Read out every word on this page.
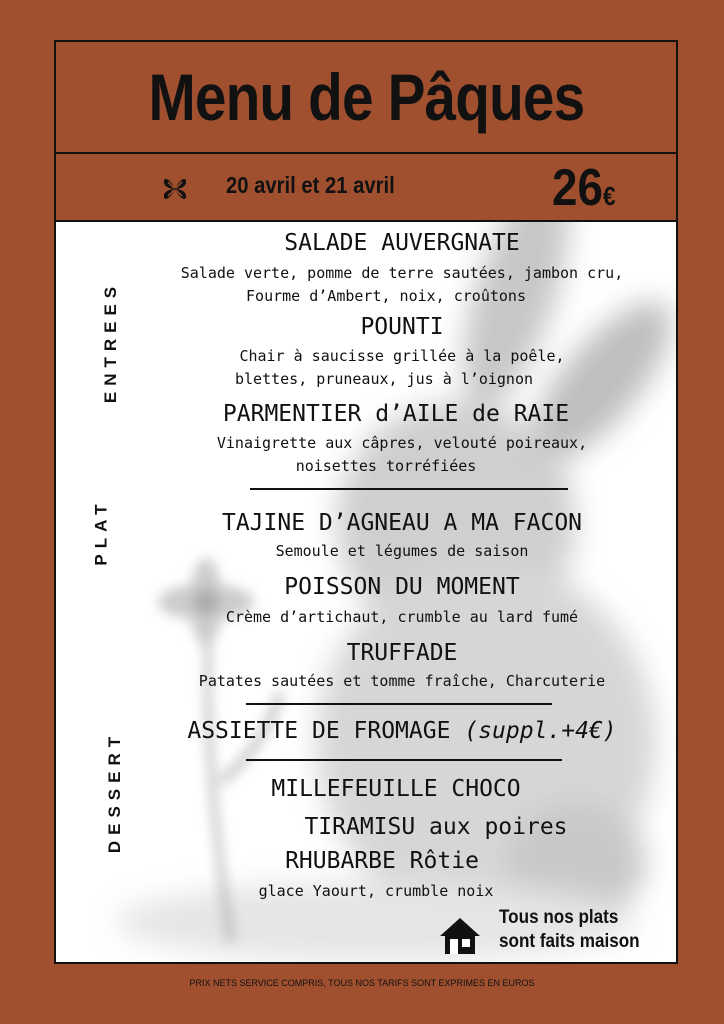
Menu de Pâques
20 avril et 21 avril	26€
ENTREES
PLAT
DESSERT
SALADE AUVERGNATE
Salade verte, pomme de terre sautées, jambon cru,
Fourme d’Ambert, noix, croûtons
POUNTI
Chair à saucisse grillée à la poêle,
blettes, pruneaux, jus à l’oignon
PARMENTIER d’AILE de RAIE
Vinaigrette aux câpres, velouté poireaux,
noisettes torréfiées
TAJINE D’AGNEAU A MA FACON
Semoule et légumes de saison
POISSON DU MOMENT
Crème d’artichaut, crumble au lard fumé
TRUFFADE
Patates sautées et tomme fraîche, Charcuterie
ASSIETTE DE FROMAGE (suppl.+4€)
MILLEFEUILLE CHOCO
TIRAMISU aux poires
RHUBARBE Rôtie
glace Yaourt, crumble noix
Tous nos plats
sont faits maison
PRIX NETS SERVICE COMPRIS, TOUS NOS TARIFS SONT EXPRIMES EN EUROS
